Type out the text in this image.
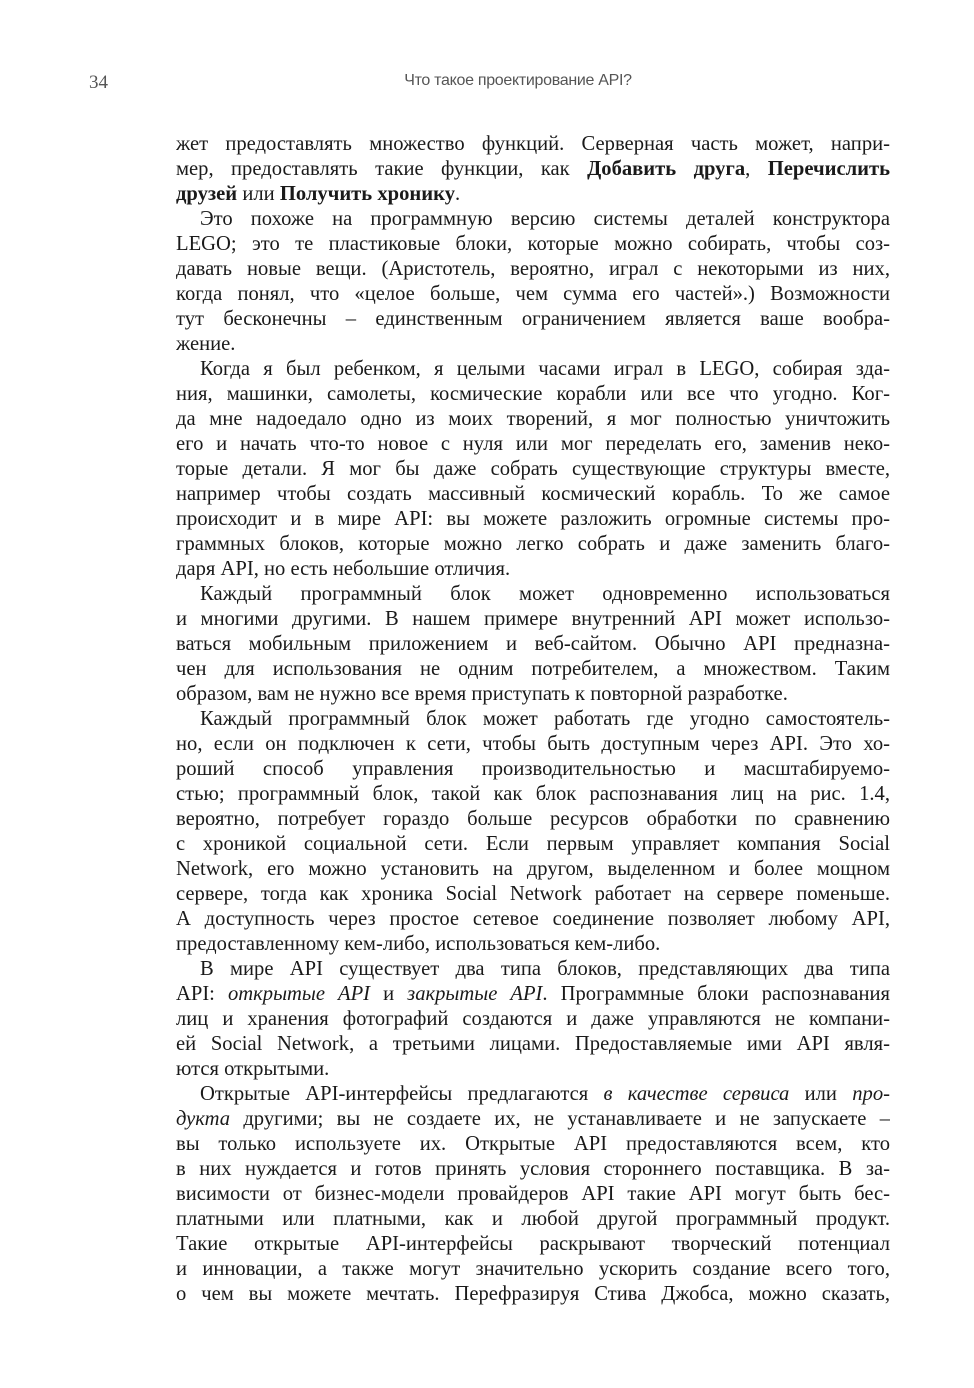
34	Что такое проектирование API?
жет предоставлять множество функций. Серверная часть может, напри-
мер, предоставлять такие функции, как Добавить друга, Перечислить
друзей или Получить хронику.
Это похоже на программную версию системы деталей конструктора
LEGO; это те пластиковые блоки, которые можно собирать, чтобы соз-
давать новые вещи. (Аристотель, вероятно, играл с некоторыми из них,
когда понял, что «целое больше, чем сумма его частей».) Возможности
тут бесконечны – единственным ограничением является ваше вообра-
жение.
Когда я был ребенком, я целыми часами играл в LEGO, собирая зда-
ния, машинки, самолеты, космические корабли или все что угодно. Ког-
да мне надоедало одно из моих творений, я мог полностью уничтожить
его и начать что-то новое с нуля или мог переделать его, заменив неко-
торые детали. Я мог бы даже собрать существующие структуры вместе,
например чтобы создать массивный космический корабль. То же самое
происходит и в мире API: вы можете разложить огромные системы про-
граммных блоков, которые можно легко собрать и даже заменить благо-
даря API, но есть небольшие отличия.
Каждый программный блок может одновременно использоваться
и многими другими. В нашем примере внутренний API может использо-
ваться мобильным приложением и веб-сайтом. Обычно API предназна-
чен для использования не одним потребителем, а множеством. Таким
образом, вам не нужно все время приступать к повторной разработке.
Каждый программный блок может работать где угодно самостоятель-
но, если он подключен к сети, чтобы быть доступным через API. Это хо-
роший способ управления производительностью и масштабируемо-
стью; программный блок, такой как блок распознавания лиц на рис. 1.4,
вероятно, потребует гораздо больше ресурсов обработки по сравнению
с хроникой социальной сети. Если первым управляет компания Social
Network, его можно установить на другом, выделенном и более мощном
сервере, тогда как хроника Social Network работает на сервере поменьше.
А доступность через простое сетевое соединение позволяет любому API,
предоставленному кем-либо, использоваться кем-либо.
В мире API существует два типа блоков, представляющих два типа
API: открытые API и закрытые API. Программные блоки распознавания
лиц и хранения фотографий создаются и даже управляются не компани-
ей Social Network, а третьими лицами. Предоставляемые ими API явля-
ются открытыми.
Открытые API-интерфейсы предлагаются в качестве сервиса или про-
дукта другими; вы не создаете их, не устанавливаете и не запускаете –
вы только используете их. Открытые API предоставляются всем, кто
в них нуждается и готов принять условия стороннего поставщика. В за-
висимости от бизнес-модели провайдеров API такие API могут быть бес-
платными или платными, как и любой другой программный продукт.
Такие открытые API-интерфейсы раскрывают творческий потенциал
и инновации, а также могут значительно ускорить создание всего того,
о чем вы можете мечтать. Перефразируя Стива Джобса, можно сказать,
